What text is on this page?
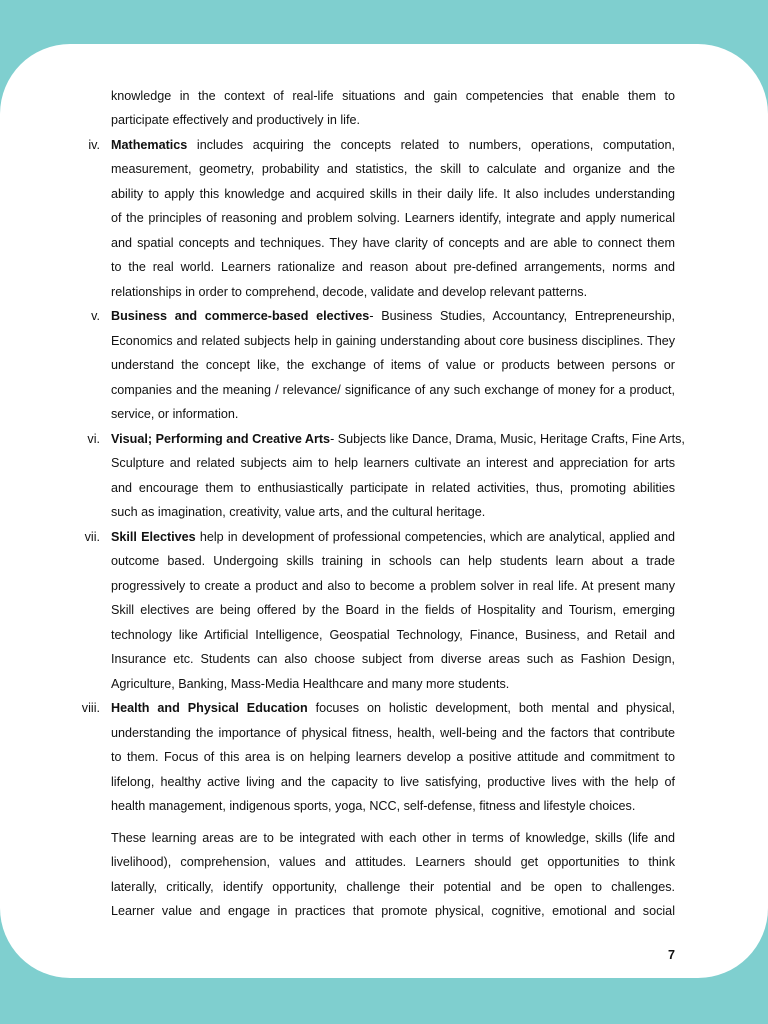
knowledge in the context of real-life situations and gain competencies that enable them to
participate effectively and productively in life.
iv. Mathematics includes acquiring the concepts related to numbers, operations, computation,
measurement, geometry, probability and statistics, the skill to calculate and organize and the
ability to apply this knowledge and acquired skills in their daily life. It also includes understanding
of the principles of reasoning and problem solving. Learners identify, integrate and apply numerical
and spatial concepts and techniques. They have clarity of concepts and are able to connect them
to the real world. Learners rationalize and reason about pre-defined arrangements, norms and
relationships in order to comprehend, decode, validate and develop relevant patterns.
v. Business and commerce-based electives- Business Studies, Accountancy, Entrepreneurship,
Economics and related subjects help in gaining understanding about core business disciplines. They
understand the concept like, the exchange of items of value or products between persons or
companies and the meaning / relevance/ significance of any such exchange of money for a product,
service, or information.
vi. Visual; Performing and Creative Arts- Subjects like Dance, Drama, Music, Heritage Crafts, Fine Arts,
Sculpture and related subjects aim to help learners cultivate an interest and appreciation for arts
and encourage them to enthusiastically participate in related activities, thus, promoting abilities
such as imagination, creativity, value arts, and the cultural heritage.
vii. Skill Electives help in development of professional competencies, which are analytical, applied and
outcome based. Undergoing skills training in schools can help students learn about a trade
progressively to create a product and also to become a problem solver in real life. At present many
Skill electives are being offered by the Board in the fields of Hospitality and Tourism, emerging
technology like Artificial Intelligence, Geospatial Technology, Finance, Business, and Retail and
Insurance etc. Students can also choose subject from diverse areas such as Fashion Design,
Agriculture, Banking, Mass-Media Healthcare and many more students.
viii. Health and Physical Education focuses on holistic development, both mental and physical,
understanding the importance of physical fitness, health, well-being and the factors that contribute
to them. Focus of this area is on helping learners develop a positive attitude and commitment to
lifelong, healthy active living and the capacity to live satisfying, productive lives with the help of
health management, indigenous sports, yoga, NCC, self-defense, fitness and lifestyle choices.
These learning areas are to be integrated with each other in terms of knowledge, skills (life and
livelihood), comprehension, values and attitudes. Learners should get opportunities to think
laterally, critically, identify opportunity, challenge their potential and be open to challenges.
Learner value and engage in practices that promote physical, cognitive, emotional and social
7
